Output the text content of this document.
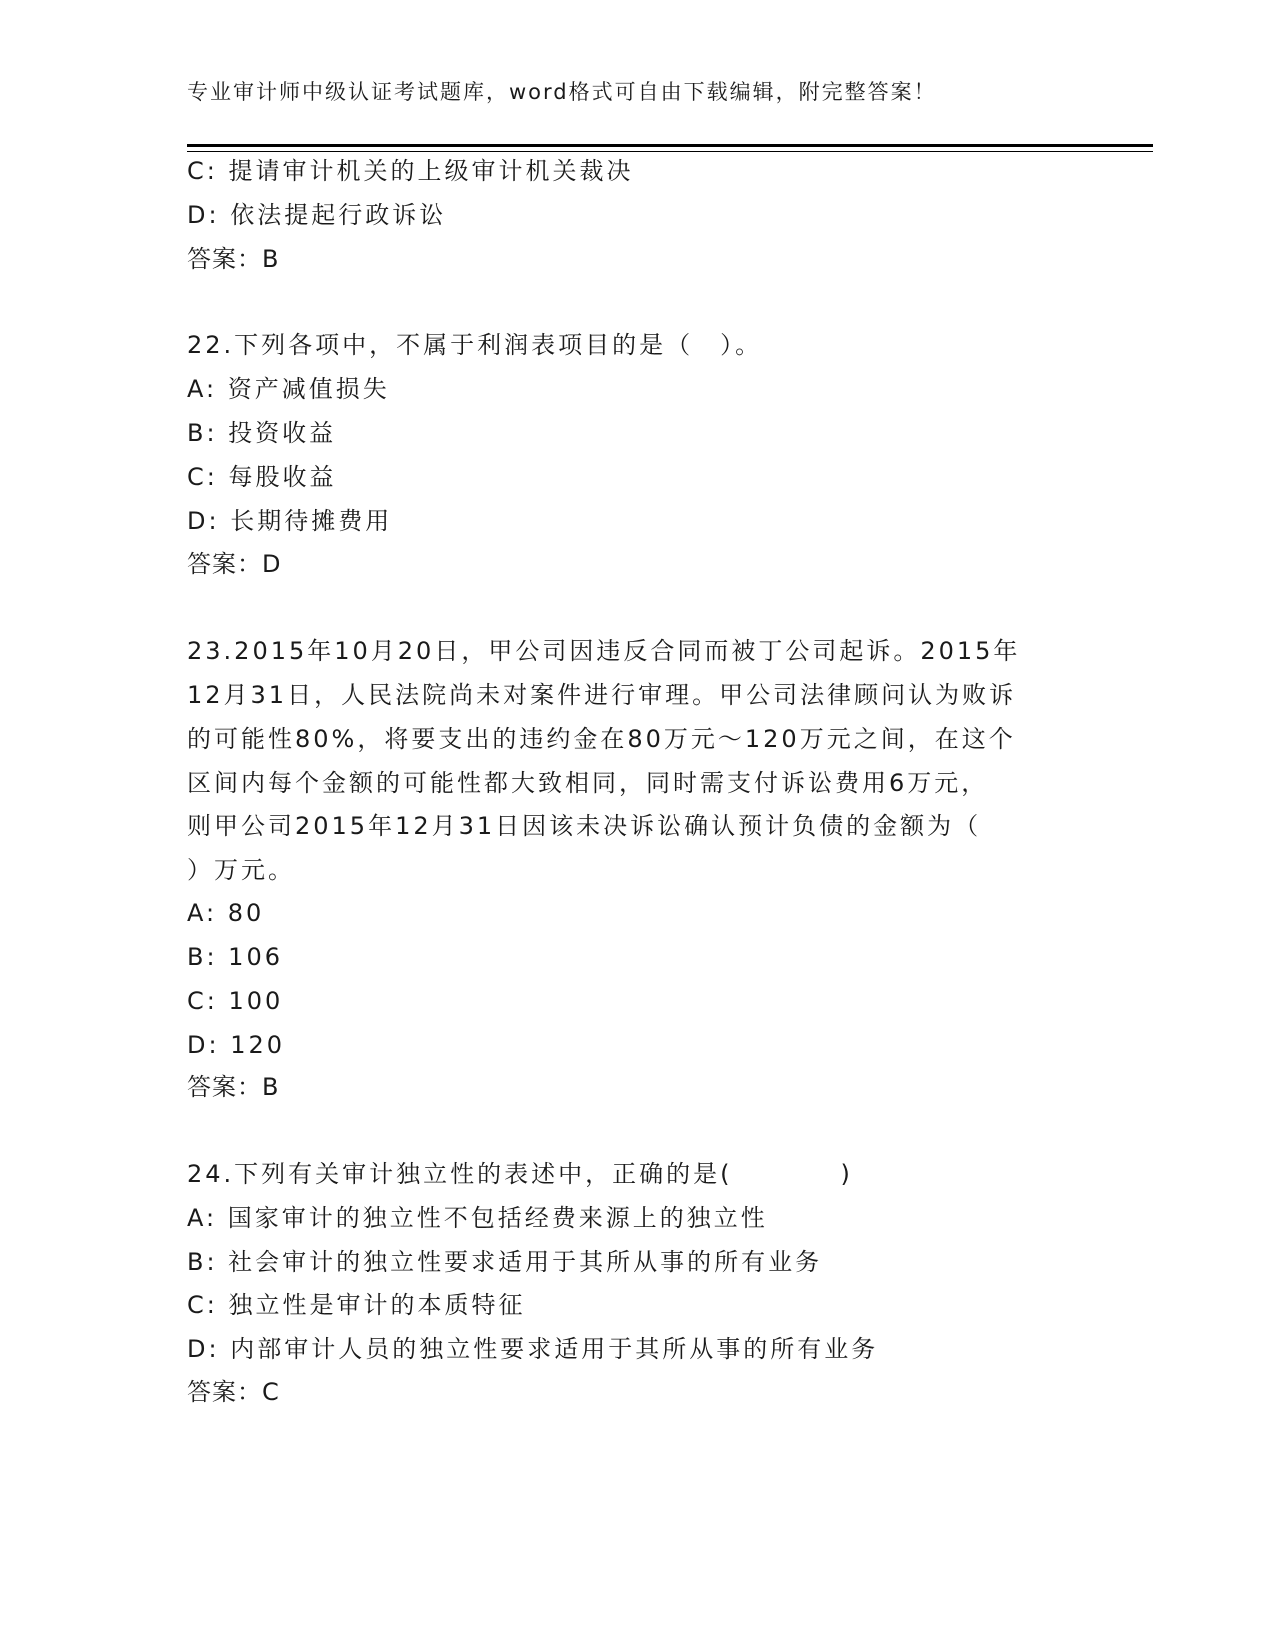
专业审计师中级认证考试题库，word格式可自由下载编辑，附完整答案！
C: 提请审计机关的上级审计机关裁决
D: 依法提起行政诉讼
答案：B
22.下列各项中，不属于利润表项目的是（　）。
A: 资产减值损失
B: 投资收益
C: 每股收益
D: 长期待摊费用
答案：D
23.2015年10月20日，甲公司因违反合同而被丁公司起诉。2015年
12月31日，人民法院尚未对案件进行审理。甲公司法律顾问认为败诉
的可能性80%，将要支出的违约金在80万元～120万元之间，在这个
区间内每个金额的可能性都大致相同，同时需支付诉讼费用6万元，
则甲公司2015年12月31日因该未决诉讼确认预计负债的金额为（
）万元。
A: 80
B: 106
C: 100
D: 120
答案：B
24.下列有关审计独立性的表述中，正确的是(　　　　)
A: 国家审计的独立性不包括经费来源上的独立性
B: 社会审计的独立性要求适用于其所从事的所有业务
C: 独立性是审计的本质特征
D: 内部审计人员的独立性要求适用于其所从事的所有业务
答案：C
